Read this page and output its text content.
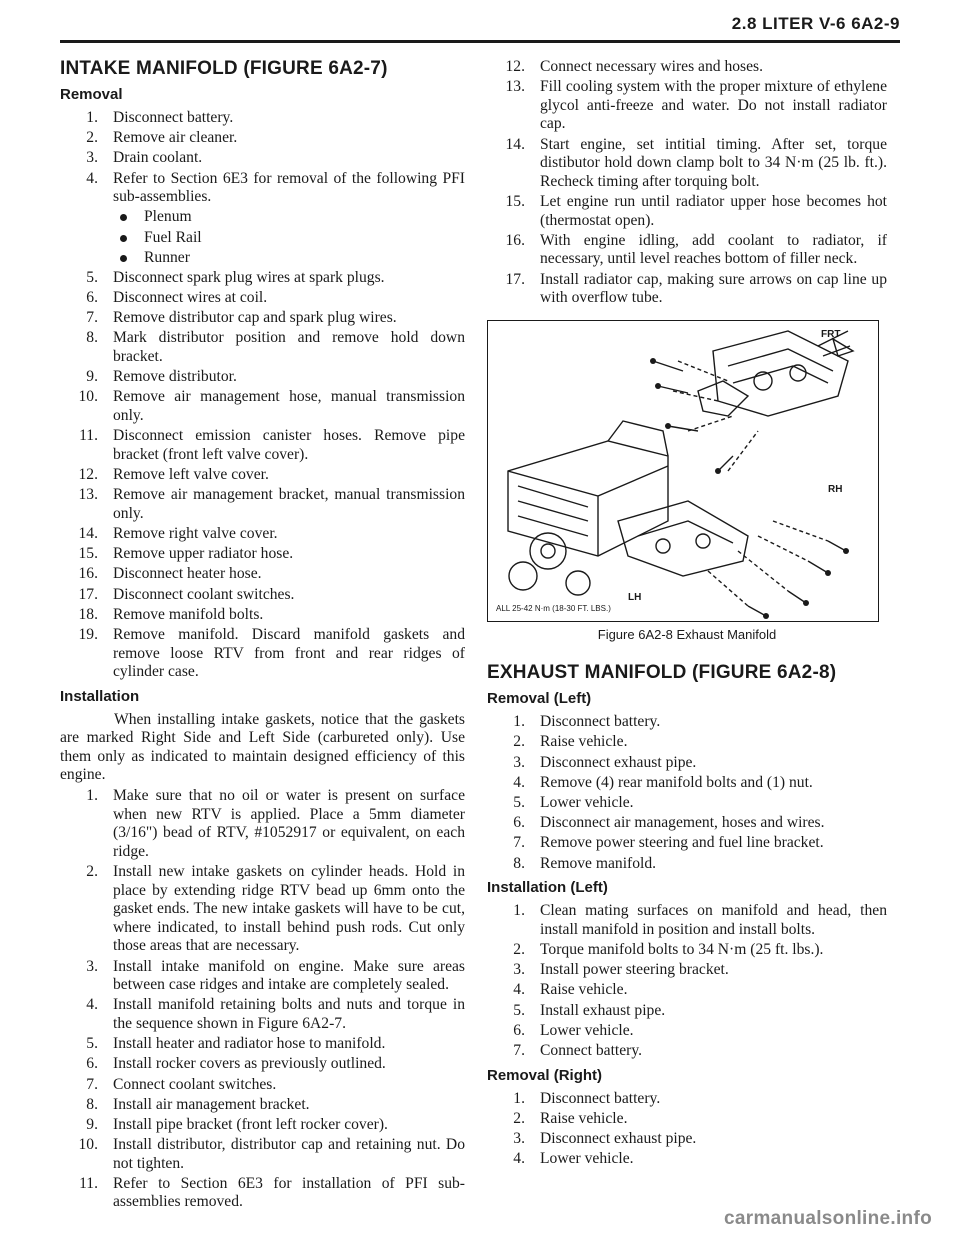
2.8 LITER V-6 6A2-9
INTAKE MANIFOLD (FIGURE 6A2-7)
Removal
1. Disconnect battery.
2. Remove air cleaner.
3. Drain coolant.
4. Refer to Section 6E3 for removal of the following PFI sub-assemblies.
Plenum
Fuel Rail
Runner
5. Disconnect spark plug wires at spark plugs.
6. Disconnect wires at coil.
7. Remove distributor cap and spark plug wires.
8. Mark distributor position and remove hold down bracket.
9. Remove distributor.
10. Remove air management hose, manual transmission only.
11. Disconnect emission canister hoses. Remove pipe bracket (front left valve cover).
12. Remove left valve cover.
13. Remove air management bracket, manual transmission only.
14. Remove right valve cover.
15. Remove upper radiator hose.
16. Disconnect heater hose.
17. Disconnect coolant switches.
18. Remove manifold bolts.
19. Remove manifold. Discard manifold gaskets and remove loose RTV from front and rear ridges of cylinder case.
Installation

When installing intake gaskets, notice that the gaskets are marked Right Side and Left Side (carbureted only). Use them only as indicated to maintain designed efficiency of this engine.

1. Make sure that no oil or water is present on surface when new RTV is applied. Place a 5mm diameter (3/16") bead of RTV, #1052917 or equivalent, on each ridge.
2. Install new intake gaskets on cylinder heads. Hold in place by extending ridge RTV bead up 6mm onto the gasket ends. The new intake gaskets will have to be cut, where indicated, to install behind push rods. Cut only those areas that are necessary.
3. Install intake manifold on engine. Make sure areas between case ridges and intake are completely sealed.
4. Install manifold retaining bolts and nuts and torque in the sequence shown in Figure 6A2-7.
5. Install heater and radiator hose to manifold.
6. Install rocker covers as previously outlined.
7. Connect coolant switches.
8. Install air management bracket.
9. Install pipe bracket (front left rocker cover).
10. Install distributor, distributor cap and retaining nut. Do not tighten.
11. Refer to Section 6E3 for installation of PFI sub-assemblies removed.
12. Connect necessary wires and hoses.
13. Fill cooling system with the proper mixture of ethylene glycol anti-freeze and water. Do not install radiator cap.
14. Start engine, set intitial timing. After set, torque distibutor hold down clamp bolt to 34 N·m (25 lb. ft.). Recheck timing after torquing bolt.
15. Let engine run until radiator upper hose becomes hot (thermostat open).
16. With engine idling, add coolant to radiator, if necessary, until level reaches bottom of filler neck.
17. Install radiator cap, making sure arrows on cap line up with overflow tube.
FRT
RH
LH
ALL 25-42 N·m (18-30 FT. LBS.)
Figure 6A2-8 Exhaust Manifold
EXHAUST MANIFOLD (FIGURE 6A2-8)
Removal (Left)
1. Disconnect battery.
2. Raise vehicle.
3. Disconnect exhaust pipe.
4. Remove (4) rear manifold bolts and (1) nut.
5. Lower vehicle.
6. Disconnect air management, hoses and wires.
7. Remove power steering and fuel line bracket.
8. Remove manifold.
Installation (Left)
1. Clean mating surfaces on manifold and head, then install manifold in position and install bolts.
2. Torque manifold bolts to 34 N·m (25 ft. lbs.).
3. Install power steering bracket.
4. Raise vehicle.
5. Install exhaust pipe.
6. Lower vehicle.
7. Connect battery.
Removal (Right)
1. Disconnect battery.
2. Raise vehicle.
3. Disconnect exhaust pipe.
4. Lower vehicle.
carmanualsonline.info
